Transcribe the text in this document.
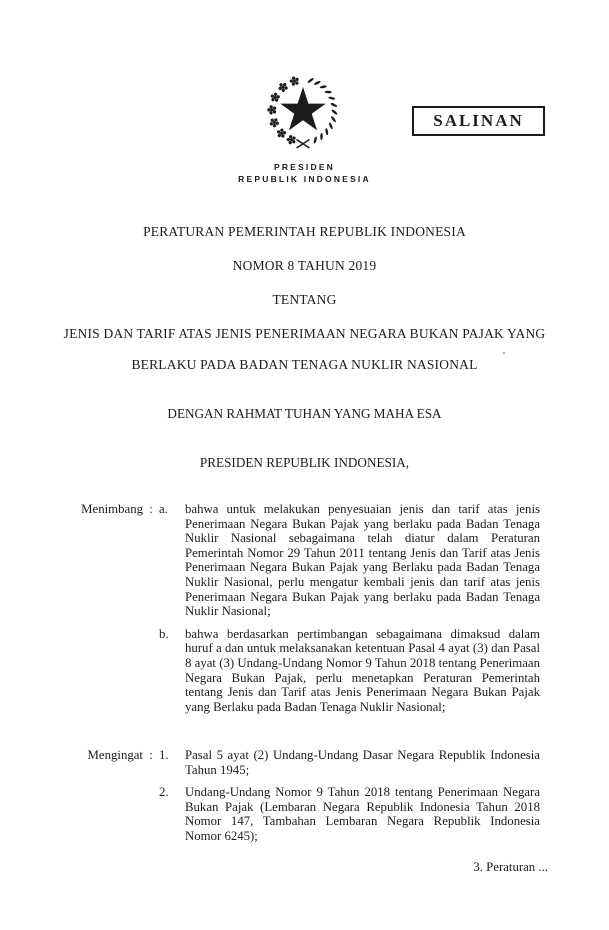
SALINAN
PRESIDEN
REPUBLIK INDONESIA
PERATURAN PEMERINTAH REPUBLIK INDONESIA
NOMOR 8 TAHUN 2019
TENTANG
JENIS DAN TARIF ATAS JENIS PENERIMAAN NEGARA BUKAN PAJAK YANG
BERLAKU PADA BADAN TENAGA NUKLIR NASIONAL
'
DENGAN RAHMAT TUHAN YANG MAHA ESA
PRESIDEN REPUBLIK INDONESIA,
Menimbang : a.	bahwa untuk melakukan penyesuaian jenis dan tarif atas jenis Penerimaan Negara Bukan Pajak yang berlaku pada Badan Tenaga Nuklir Nasional sebagaimana telah diatur dalam Peraturan Pemerintah Nomor 29 Tahun 2011 tentang Jenis dan Tarif atas Jenis Penerimaan Negara Bukan Pajak yang Berlaku pada Badan Tenaga Nuklir Nasional, perlu mengatur kembali jenis dan tarif atas jenis Penerimaan Negara Bukan Pajak yang berlaku pada Badan Tenaga Nuklir Nasional;
b.	bahwa berdasarkan pertimbangan sebagaimana dimaksud dalam huruf a dan untuk melaksanakan ketentuan Pasal 4 ayat (3) dan Pasal 8 ayat (3) Undang-Undang Nomor 9 Tahun 2018 tentang Penerimaan Negara Bukan Pajak, perlu menetapkan Peraturan Pemerintah tentang Jenis dan Tarif atas Jenis Penerimaan Negara Bukan Pajak yang Berlaku pada Badan Tenaga Nuklir Nasional;
Mengingat : 1.	Pasal 5 ayat (2) Undang-Undang Dasar Negara Republik Indonesia Tahun 1945;
2.	Undang-Undang Nomor 9 Tahun 2018 tentang Penerimaan Negara Bukan Pajak (Lembaran Negara Republik Indonesia Tahun 2018 Nomor 147, Tambahan Lembaran Negara Republik Indonesia Nomor 6245);
3. Peraturan ...
